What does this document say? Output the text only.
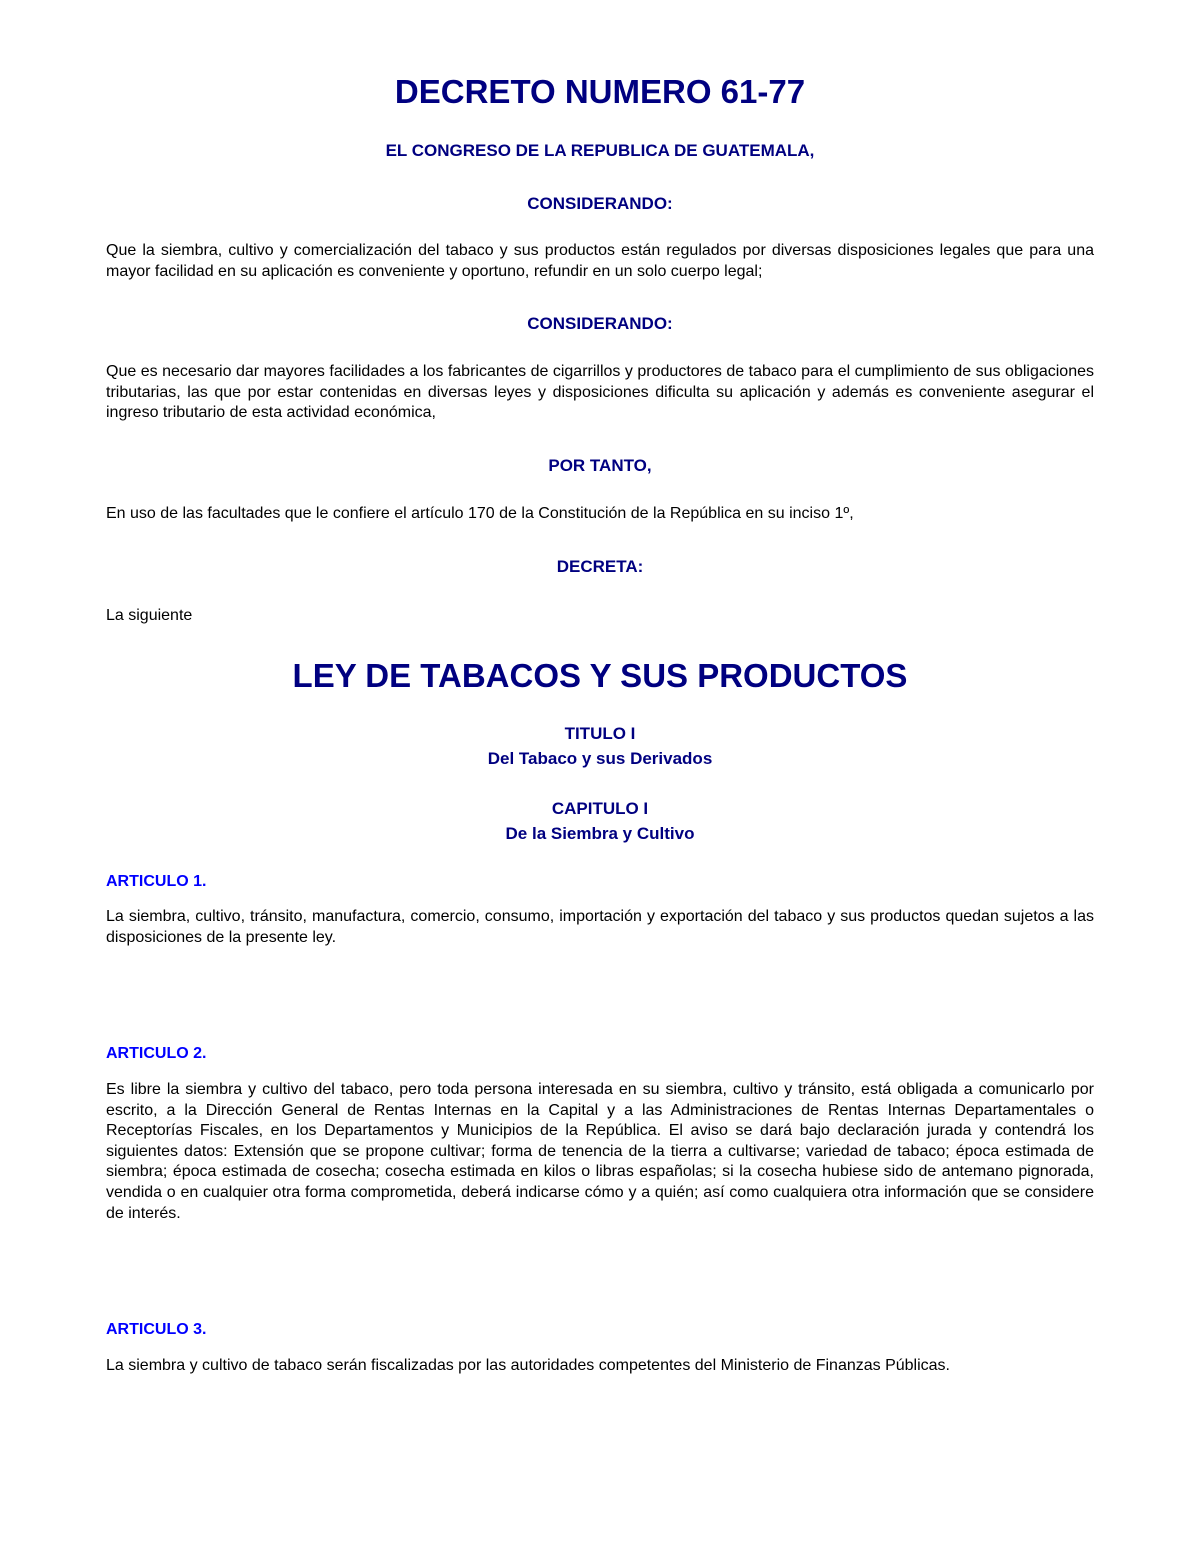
DECRETO NUMERO 61-77
EL CONGRESO DE LA REPUBLICA DE GUATEMALA,
CONSIDERANDO:

Que la siembra, cultivo y comercialización del tabaco y sus productos están regulados por diversas disposiciones legales que para una mayor facilidad en su aplicación es conveniente y oportuno, refundir en un solo cuerpo legal;

CONSIDERANDO:

Que es necesario dar mayores facilidades a los fabricantes de cigarrillos y productores de tabaco para el cumplimiento de sus obligaciones tributarias, las que por estar contenidas en diversas leyes y disposiciones dificulta su aplicación y además es conveniente asegurar el ingreso tributario de esta actividad económica,

POR TANTO,

En uso de las facultades que le confiere el artículo 170 de la Constitución de la República en su inciso 1º,

DECRETA:

La siguiente

LEY DE TABACOS Y SUS PRODUCTOS
TITULO I
Del Tabaco y sus Derivados
CAPITULO I
De la Siembra y Cultivo
ARTICULO 1.

La siembra, cultivo, tránsito, manufactura, comercio, consumo, importación y exportación del tabaco y sus productos quedan sujetos a las disposiciones de la presente ley.

ARTICULO 2.

Es libre la siembra y cultivo del tabaco, pero toda persona interesada en su siembra, cultivo y tránsito, está obligada a comunicarlo por escrito, a la Dirección General de Rentas Internas en la Capital y a las Administraciones de Rentas Internas Departamentales o Receptorías Fiscales, en los Departamentos y Municipios de la República. El aviso se dará bajo declaración jurada y contendrá los siguientes datos: Extensión que se propone cultivar; forma de tenencia de la tierra a cultivarse; variedad de tabaco; época estimada de siembra; época estimada de cosecha; cosecha estimada en kilos o libras españolas; si la cosecha hubiese sido de antemano pignorada, vendida o en cualquier otra forma comprometida, deberá indicarse cómo y a quién; así como cualquiera otra información que se considere de interés.

ARTICULO 3.

La siembra y cultivo de tabaco serán fiscalizadas por las autoridades competentes del Ministerio de Finanzas Públicas.
